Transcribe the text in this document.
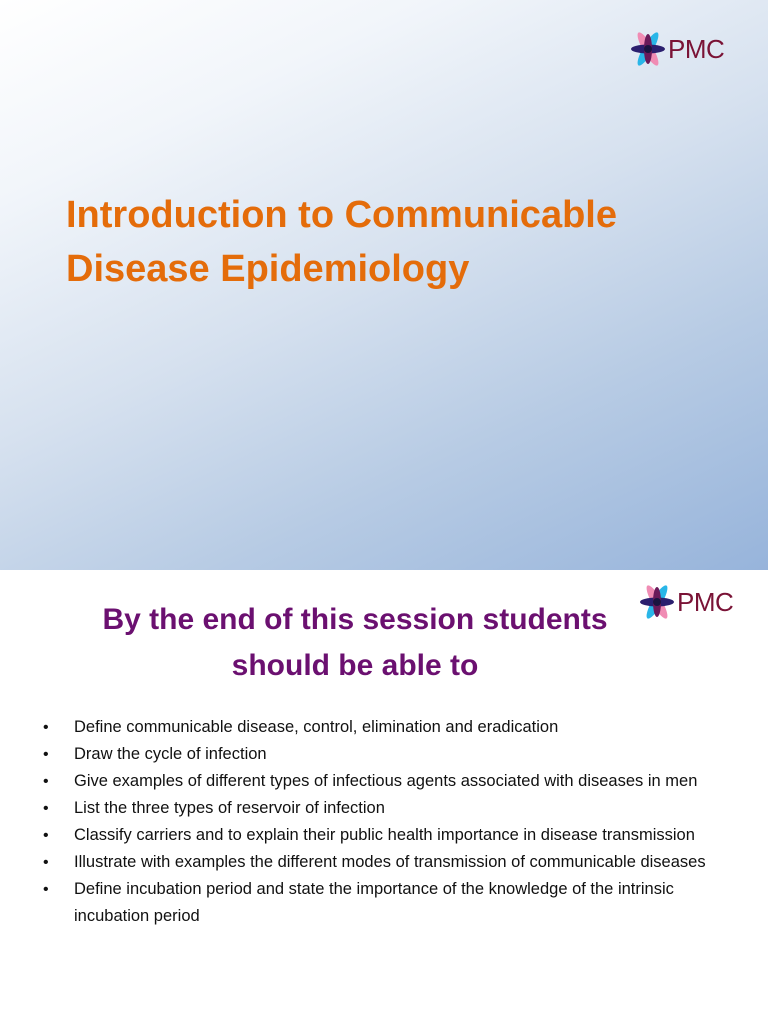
PMC
Introduction to Communicable
Disease Epidemiology
PMC
By the end of this session students
should be able to
• Define communicable disease, control, elimination and eradication
• Draw the cycle of infection
• Give examples of different types of infectious agents associated with diseases in men
• List the three types of reservoir of infection
• Classify carriers and to explain their public health importance in disease transmission
• Illustrate with examples the different modes of transmission of communicable diseases
• Define incubation period and state the importance of the knowledge of the intrinsic incubation period
